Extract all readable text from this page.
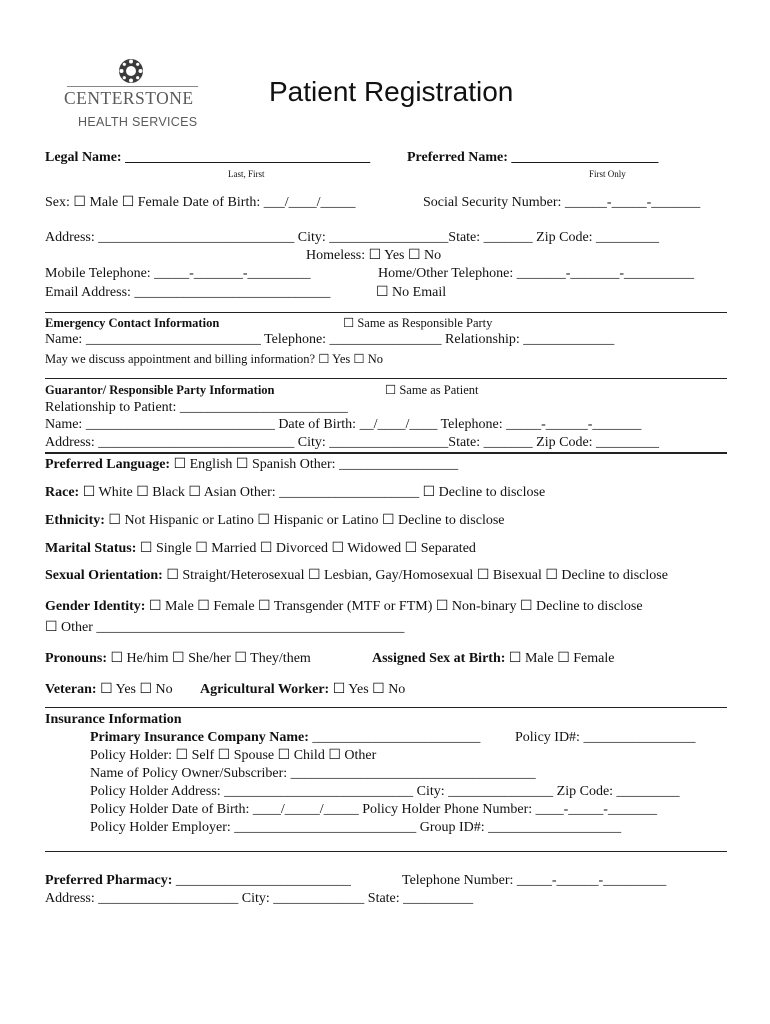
CENTERSTONE
HEALTH SERVICES
Patient Registration
Legal Name: ___________________________________	Preferred Name: _____________________
Last, First	First Only
Sex: ☐ Male ☐ Female Date of Birth: ___/____/_____	Social Security Number: ______-_____-_______
Address: ____________________________ City: _________________State: _______ Zip Code: _________
Homeless: ☐ Yes ☐ No
Mobile Telephone: _____-_______-_________	Home/Other Telephone: _______-_______-__________
Email Address: ____________________________	☐ No Email
Emergency Contact Information	☐ Same as Responsible Party
Name: _________________________ Telephone: ________________ Relationship: _____________
May we discuss appointment and billing information? ☐ Yes ☐ No
Guarantor/ Responsible Party Information	☐ Same as Patient
Relationship to Patient: ________________________
Name: ___________________________ Date of Birth: __/____/____ Telephone: _____-______-_______
Address: ____________________________ City: _________________State: _______ Zip Code: _________
Preferred Language: ☐ English ☐ Spanish Other: _________________
Race: ☐ White ☐ Black ☐ Asian Other: ____________________ ☐ Decline to disclose
Ethnicity: ☐ Not Hispanic or Latino ☐ Hispanic or Latino ☐ Decline to disclose
Marital Status: ☐ Single ☐ Married ☐ Divorced ☐ Widowed ☐ Separated
Sexual Orientation: ☐ Straight/Heterosexual ☐ Lesbian, Gay/Homosexual ☐ Bisexual ☐ Decline to disclose
Gender Identity: ☐ Male ☐ Female ☐ Transgender (MTF or FTM) ☐ Non-binary ☐ Decline to disclose
☐ Other ____________________________________________
Pronouns: ☐ He/him ☐ She/her ☐ They/them	Assigned Sex at Birth: ☐ Male ☐ Female
Veteran: ☐ Yes ☐ No Agricultural Worker: ☐ Yes ☐ No
Insurance Information
Primary Insurance Company Name: ________________________ Policy ID#: ________________
Policy Holder: ☐ Self ☐ Spouse ☐ Child ☐ Other
Name of Policy Owner/Subscriber: ___________________________________
Policy Holder Address: ___________________________ City: _______________ Zip Code: _________
Policy Holder Date of Birth: ____/_____/_____ Policy Holder Phone Number: ____-_____-_______
Policy Holder Employer: __________________________ Group ID#: ___________________
Preferred Pharmacy: _________________________	Telephone Number: _____-______-_________
Address: ____________________ City: _____________ State: __________
